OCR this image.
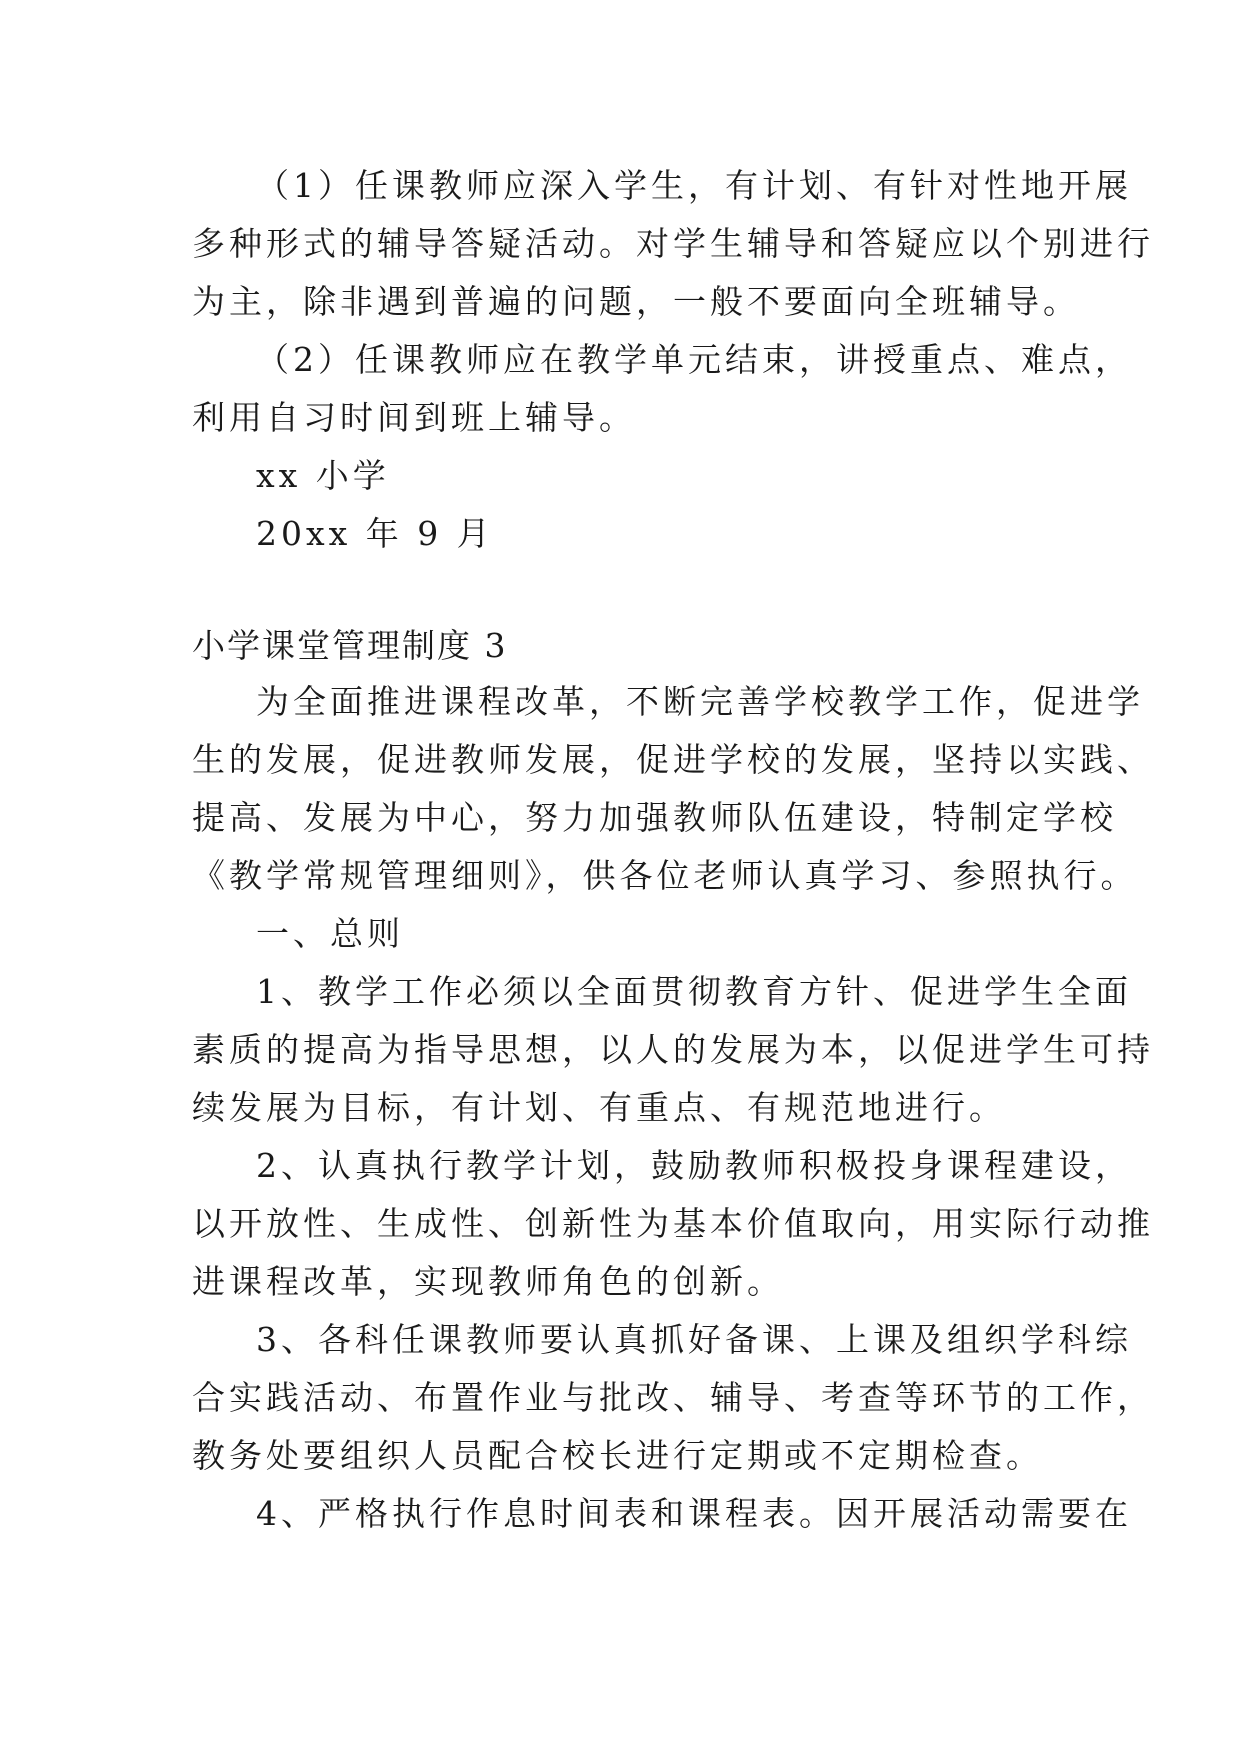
（1）任课教师应深入学生，有计划、有针对性地开展
多种形式的辅导答疑活动。对学生辅导和答疑应以个别进行
为主，除非遇到普遍的问题，一般不要面向全班辅导。
（2）任课教师应在教学单元结束，讲授重点、难点，
利用自习时间到班上辅导。
xx 小学
20xx 年 9 月
小学课堂管理制度 3
为全面推进课程改革，不断完善学校教学工作，促进学
生的发展，促进教师发展，促进学校的发展，坚持以实践、
提高、发展为中心，努力加强教师队伍建设，特制定学校
《教学常规管理细则》，供各位老师认真学习、参照执行。
一、总则
1、教学工作必须以全面贯彻教育方针、促进学生全面
素质的提高为指导思想，以人的发展为本，以促进学生可持
续发展为目标，有计划、有重点、有规范地进行。
2、认真执行教学计划，鼓励教师积极投身课程建设，
以开放性、生成性、创新性为基本价值取向，用实际行动推
进课程改革，实现教师角色的创新。
3、各科任课教师要认真抓好备课、上课及组织学科综
合实践活动、布置作业与批改、辅导、考查等环节的工作，
教务处要组织人员配合校长进行定期或不定期检查。
4、严格执行作息时间表和课程表。因开展活动需要在
